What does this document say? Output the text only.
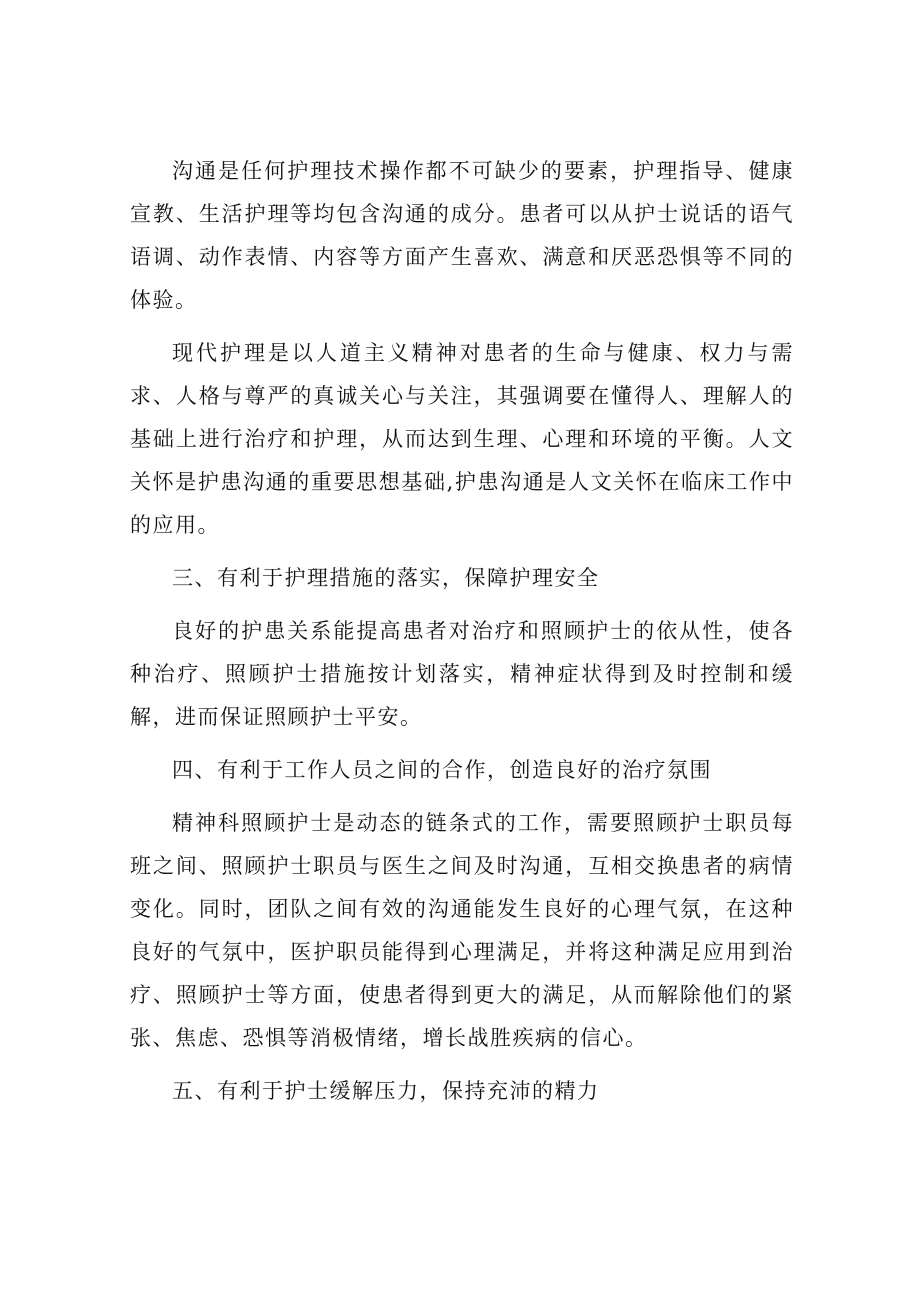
沟通是任何护理技术操作都不可缺少的要素，护理指导、健康宣教、生活护理等均包含沟通的成分。患者可以从护士说话的语气语调、动作表情、内容等方面产生喜欢、满意和厌恶恐惧等不同的体验。

现代护理是以人道主义精神对患者的生命与健康、权力与需求、人格与尊严的真诚关心与关注，其强调要在懂得人、理解人的基础上进行治疗和护理，从而达到生理、心理和环境的平衡。人文关怀是护患沟通的重要思想基础,护患沟通是人文关怀在临床工作中的应用。

三、有利于护理措施的落实，保障护理安全

良好的护患关系能提高患者对治疗和照顾护士的依从性，使各种治疗、照顾护士措施按计划落实，精神症状得到及时控制和缓解，进而保证照顾护士平安。

四、有利于工作人员之间的合作，创造良好的治疗氛围

精神科照顾护士是动态的链条式的工作，需要照顾护士职员每班之间、照顾护士职员与医生之间及时沟通，互相交换患者的病情变化。同时，团队之间有效的沟通能发生良好的心理气氛，在这种良好的气氛中，医护职员能得到心理满足，并将这种满足应用到治疗、照顾护士等方面，使患者得到更大的满足，从而解除他们的紧张、焦虑、恐惧等消极情绪，增长战胜疾病的信心。

五、有利于护士缓解压力，保持充沛的精力
